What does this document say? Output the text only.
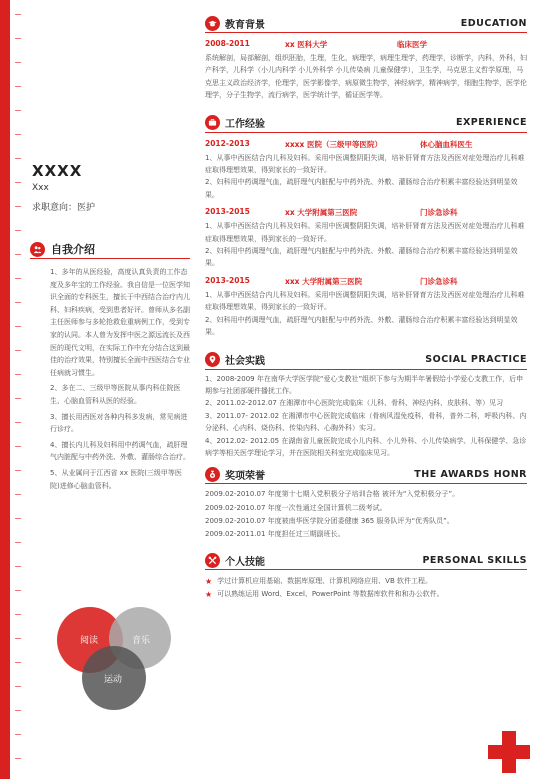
XXXX
Xxx
求职意向：医护
自我介绍

1、多年的从医经验，高度认真负责的工作态度及多年宝的工作经验。我自信是一位医学知识全面的专科医生，擅长于中西结合治疗内儿科、妇科疾病，受到患者好评。曾师从多名副主任医师参与多轮抢救危重病例工作，受到专家的认同。本人曾为发挥中医之源远流长及西医的现代文明，在实际工作中充分结合这到最佳的治疗效果，特别擅长全面中西医结合专业任病就习惯生。

2、多在二、三级甲等医院从事内科住院医生、心脑血管科从医的经验。

3、擅长用西医对各种内科多发病，常见病进行诊疗。

4、擅长内儿科及妇科用中药调气血，疏肝理气内脏配与中药外洗、外敷、灌肠综合治疗。

5、从业属问于江西省 xx 医院(三级甲等医院)进修心脑血管科。

阅读	音乐
运动
教育背景	EDUCATION
2008-2011	xx 医科大学	临床医学
系统解剖，局部解剖，组织胚胎，生理，生化，病理学，病理生理学，药理学，诊断学，内科，外科，妇产科学，儿科学（小儿内科学 小儿外科学 小儿传染病 儿童保健学），卫生学，马克思主义哲学原理，马克思主义政治经济学，伦理学，医学影像学，病原微生物学，神经病学，精神病学，细胞生物学，医学伦理学，分子生物学，流行病学，医学统计学，循证医学等。
工作经验	EXPERIENCE
2012-2013	xxxx 医院（三级甲等医院）	体心脑血科医生

1、从事中西医结合内儿科及妇科。采用中医调整阴阳失调，培补肝肾育方法及西医对症处理治疗儿科难症取得理想效果，得到家长的一致好评。

2、妇科用中药调理气血，疏肝理气内脏配与中药外洗、外敷、灌肠综合治疗积累丰富经验达到明显效果。

2013-2015	xx 大学附属第三医院	门诊急诊科

1、从事中西医结合内儿科及妇科。采用中医调整阴阳失调，培补肝肾育方法及西医对症处理治疗儿科难症取得理想效果，得到家长的一致好评。

2、妇科用中药调理气血，疏肝理气内脏配与中药外洗、外敷、灌肠综合治疗积累丰富经验达到明显效果。

2013-2015	xxx 大学附属第三医院	门诊急诊科

1、从事中西医结合内儿科及妇科。采用中医调整阴阳失调，培补肝肾育方法及西医对症处理治疗儿科难症取得理想效果，得到家长的一致好评。

2、妇科用中药调理气血，疏肝理气内脏配与中药外洗、外敷、灌肠综合治疗积累丰富经验达到明显效果。

社会实践	SOCIAL PRACTICE

1、2008-2009 年在南华大学医学院“爱心支教社”组织下参与为期半年暑假给小学爱心支教工作，后申期参与社团部硬件播扰工作。

2、2011.02-2012.07 在湘潭市中心医院完成临床（儿科、骨科、神经内科、皮肤科、等）见习

3、2011.07- 2012.02 在湘潭市中心医院完成临床（骨病风湿免疫科，骨科，普外二科，呼吸内科、内分泌科、心内科、烧伤科、传染内科、心胸外科）实习。

4、2012.02- 2012.05 在湖南省儿童医院完成小儿内科、小儿外科、小儿传染病学、儿科保健学、急诊病学等相关医学理论学习，并在医院相关科室完成临床见习。

奖项荣誉	THE AWARDS HONR

2009.02-2010.07 年度第十七期入党积极分子培训合格 被评为“入党积极分子”。

2009.02-2010.07 年度一次性通过全国计算机二级考试。

2009.02-2010.07 年度被南华医学院分团委健康 365 服务队评为“优秀队员”。

2009.02-2011.01 年度担任过三期副班长。

个人技能	PERSONAL SKILLS

★ 学过计算机应用基础、数据库原理、计算机网络应用、VB 软件工程。

★ 可以熟练运用 Word、Excel、PowerPoint 等数据库软件和和办公软件。
